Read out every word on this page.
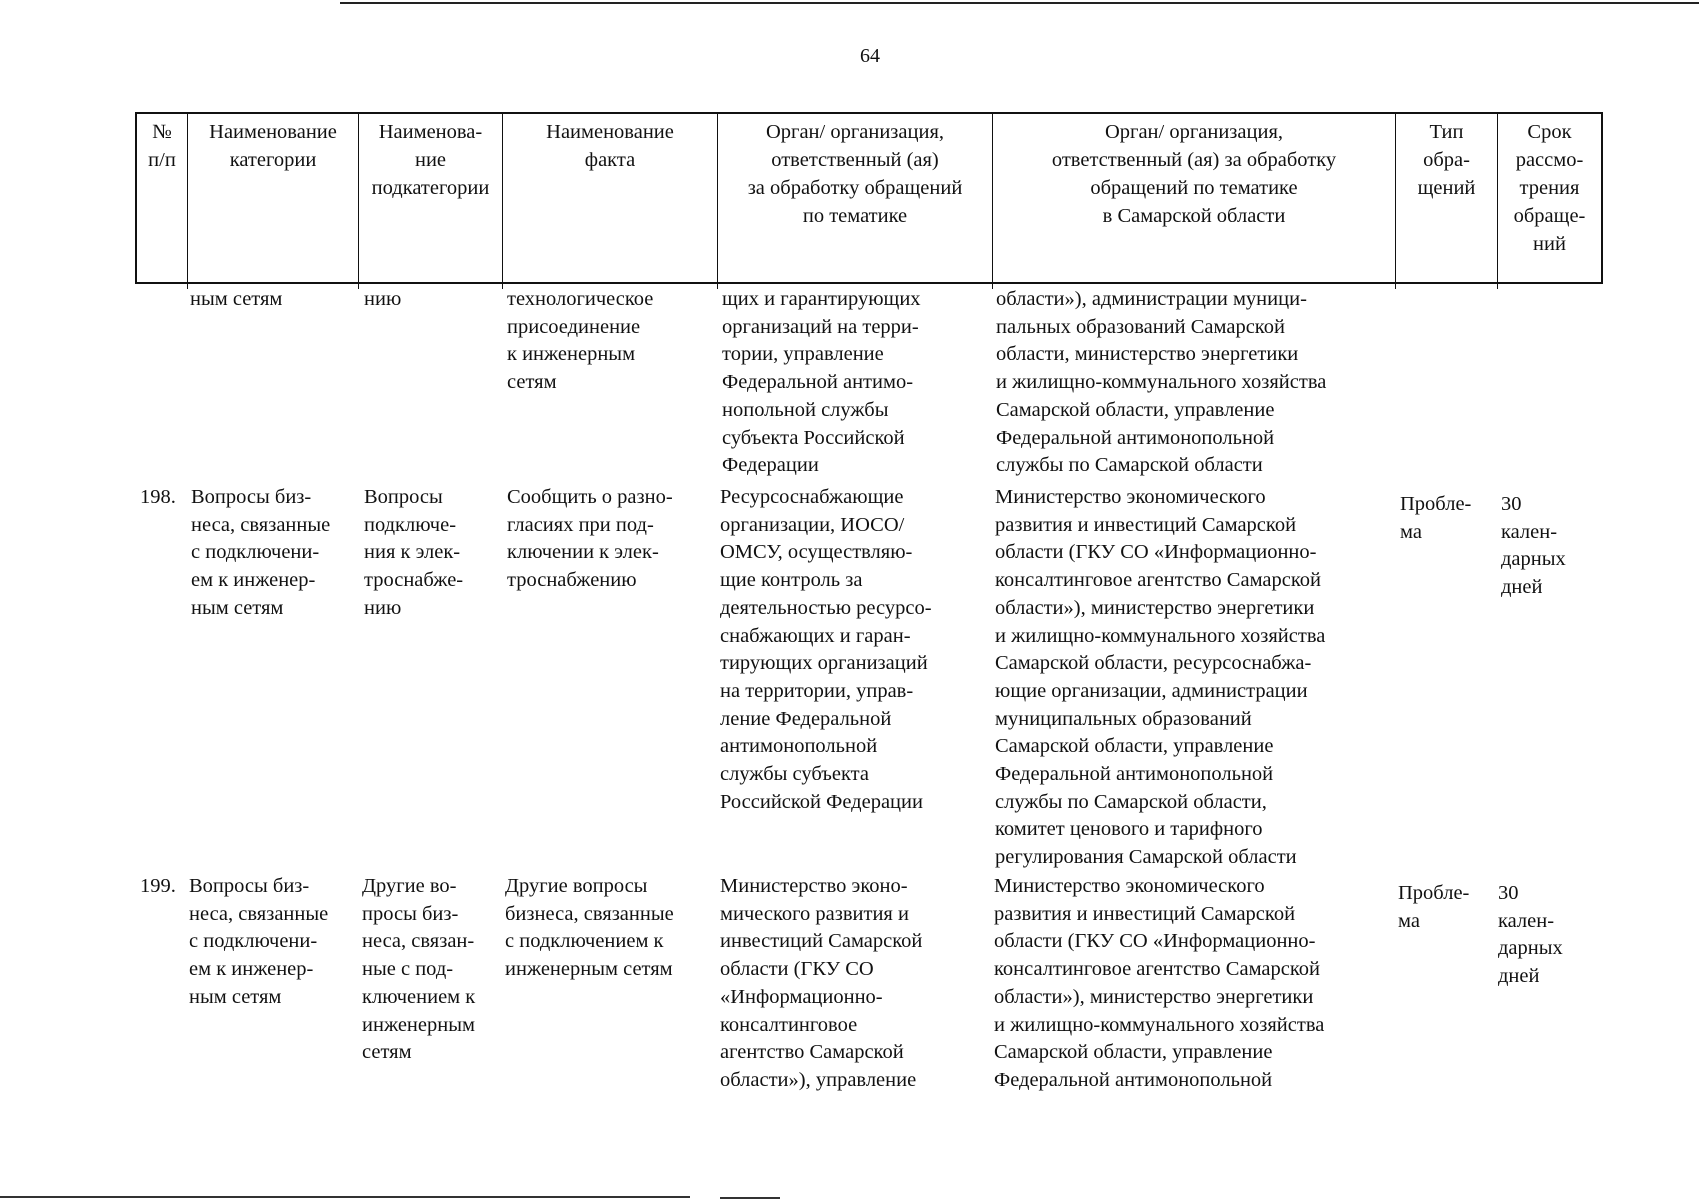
64
№
п/п
Наименование
категории
Наименова-
ние
подкатегории
Наименование
факта
Орган/ организация,
ответственный (ая)
за обработку обращений
по тематике
Орган/ организация,
ответственный (ая) за обработку
обращений по тематике
в Самарской области
Тип
обра-
щений
Срок
рассмо-
трения
обраще-
ний
ным сетям	нию	технологическое
присоединение
к инженерным
сетям
щих и гарантирующих
организаций на терри-
тории, управление
Федеральной антимо-
нопольной службы
субъекта Российской
Федерации
области»), администрации муници-
пальных образований Самарской
области, министерство энергетики
и жилищно-коммунального хозяйства
Самарской области, управление
Федеральной антимонопольной
службы по Самарской области
198. Вопросы биз-
неса, связанные
с подключени-
ем к инженер-
ным сетям
Вопросы
подключе-
ния к элек-
троснабже-
нию
Сообщить о разно-
гласиях при под-
ключении к элек-
троснабжению
Ресурсоснабжающие
организации, ИОСО/
ОМСУ, осуществляю-
щие контроль за
деятельностью ресурсо-
снабжающих и гаран-
тирующих организаций
на территории, управ-
ление Федеральной
антимонопольной
службы субъекта
Российской Федерации
Министерство экономического
развития и инвестиций Самарской
области (ГКУ СО «Информационно-
консалтинговое агентство Самарской
области»), министерство энергетики
и жилищно-коммунального хозяйства
Самарской области, ресурсоснабжа-
ющие организации, администрации
муниципальных образований
Самарской области, управление
Федеральной антимонопольной
службы по Самарской области,
комитет ценового и тарифного
регулирования Самарской области
Пробле-
ма
30
кален-
дарных
дней
199. Вопросы биз-
неса, связанные
с подключени-
ем к инженер-
ным сетям
Другие во-
просы биз-
неса, связан-
ные с под-
ключением к
инженерным
сетям
Другие вопросы
бизнеса, связанные
с подключением к
инженерным сетям
Министерство эконо-
мического развития и
инвестиций Самарской
области (ГКУ СО
«Информационно-
консалтинговое
агентство Самарской
области»), управление
Министерство экономического
развития и инвестиций Самарской
области (ГКУ СО «Информационно-
консалтинговое агентство Самарской
области»), министерство энергетики
и жилищно-коммунального хозяйства
Самарской области, управление
Федеральной антимонопольной
Пробле-
ма
30
кален-
дарных
дней
